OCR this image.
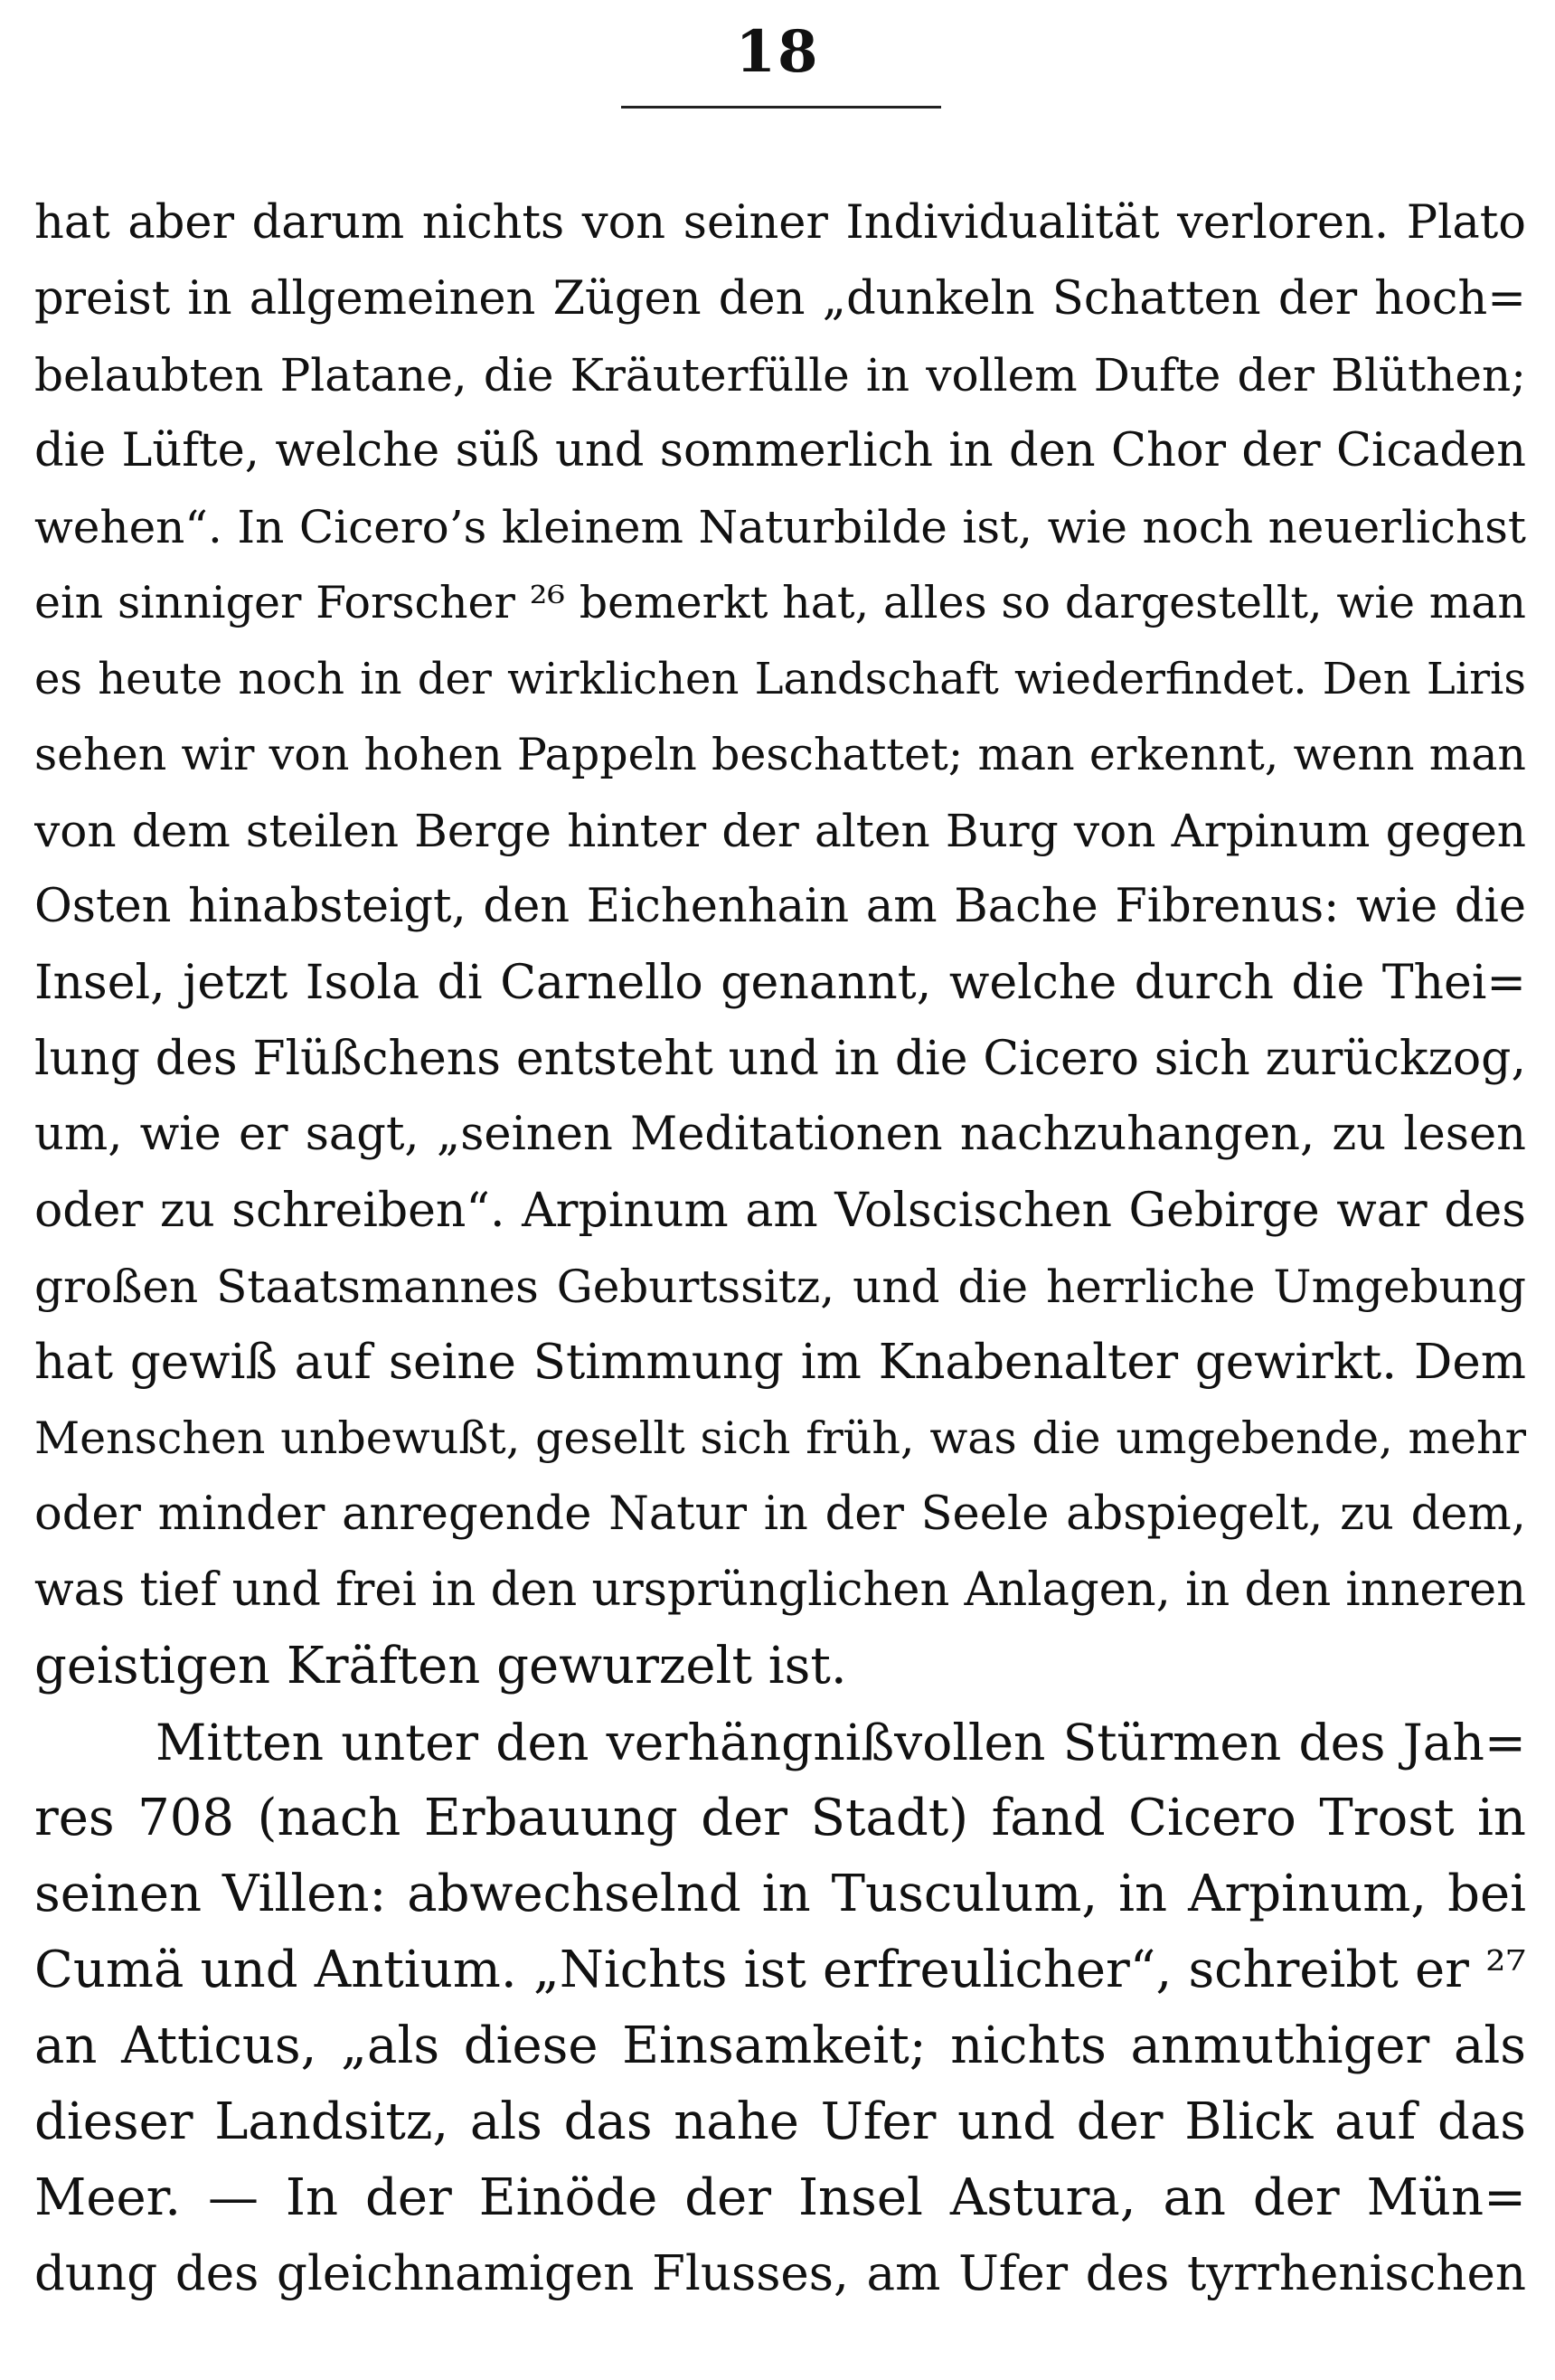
18
hat aber darum nichts von seiner Individualität verloren. Plato
preist in allgemeinen Zügen den „dunkeln Schatten der hoch=
belaubten Platane, die Kräuterfülle in vollem Dufte der Blüthen;
die Lüfte, welche süß und sommerlich in den Chor der Cicaden
wehen“. In Cicero’s kleinem Naturbilde ist, wie noch neuerlichst
ein sinniger Forscher ²⁶ bemerkt hat, alles so dargestellt, wie man
es heute noch in der wirklichen Landschaft wiederfindet. Den Liris
sehen wir von hohen Pappeln beschattet; man erkennt, wenn man
von dem steilen Berge hinter der alten Burg von Arpinum gegen
Osten hinabsteigt, den Eichenhain am Bache Fibrenus: wie die
Insel, jetzt Isola di Carnello genannt, welche durch die Thei=
lung des Flüßchens entsteht und in die Cicero sich zurückzog,
um, wie er sagt, „seinen Meditationen nachzuhangen, zu lesen
oder zu schreiben“. Arpinum am Volscischen Gebirge war des
großen Staatsmannes Geburtssitz, und die herrliche Umgebung
hat gewiß auf seine Stimmung im Knabenalter gewirkt. Dem
Menschen unbewußt, gesellt sich früh, was die umgebende, mehr
oder minder anregende Natur in der Seele abspiegelt, zu dem,
was tief und frei in den ursprünglichen Anlagen, in den inneren
geistigen Kräften gewurzelt ist.
Mitten unter den verhängnißvollen Stürmen des Jah=
res 708 (nach Erbauung der Stadt) fand Cicero Trost in
seinen Villen: abwechselnd in Tusculum, in Arpinum, bei
Cumä und Antium. „Nichts ist erfreulicher“, schreibt er ²⁷
an Atticus, „als diese Einsamkeit; nichts anmuthiger als
dieser Landsitz, als das nahe Ufer und der Blick auf das
Meer. — In der Einöde der Insel Astura, an der Mün=
dung des gleichnamigen Flusses, am Ufer des tyrrhenischen
